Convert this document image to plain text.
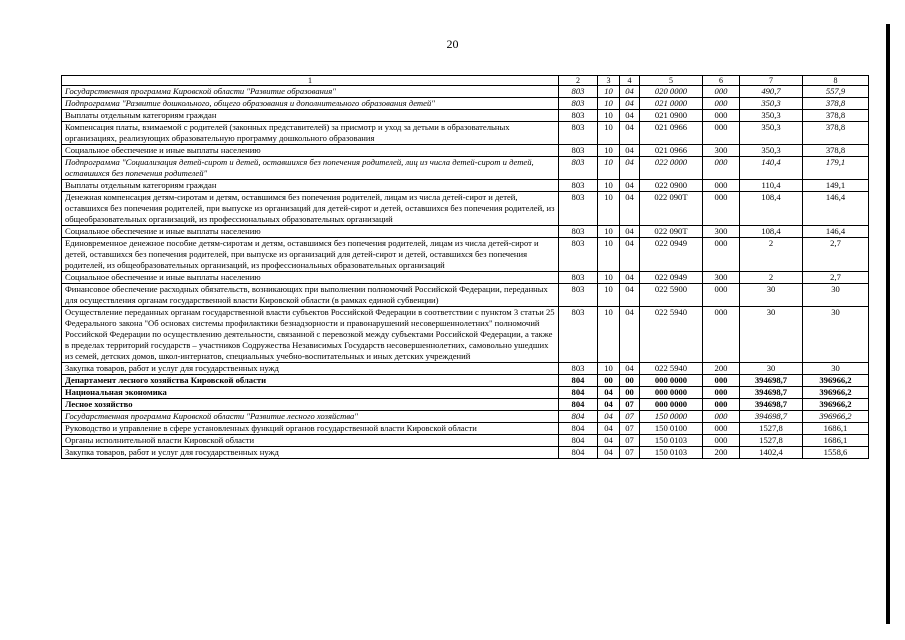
20
1	2	3	4	5	6	7	8
Государственная программа Кировской области "Развитие образования"	803	10	04	020 0000	000	490,7	557,9
Подпрограмма "Развитие дошкольного, общего образования и дополнительного образования детей"	803	10	04	021 0000	000	350,3	378,8
Выплаты отдельным категориям граждан	803	10	04	021 0900	000	350,3	378,8
Компенсация платы, взимаемой с родителей (законных представителей) за присмотр и уход за детьми в образовательных организациях, реализующих образовательную программу дошкольного образования	803	10	04	021 0966	000	350,3	378,8
Социальное обеспечение и иные выплаты населению	803	10	04	021 0966	300	350,3	378,8
Подпрограмма "Социализация детей-сирот и детей, оставшихся без попечения родителей, лиц из числа детей-сирот и детей, оставшихся без попечения родителей"	803	10	04	022 0000	000	140,4	179,1
Выплаты отдельным категориям граждан	803	10	04	022 0900	000	110,4	149,1
Денежная компенсация детям-сиротам и детям, оставшимся без попечения родителей, лицам из числа детей-сирот и детей, оставшихся без попечения родителей, при выпуске из организаций для детей-сирот и детей, оставшихся без попечения родителей, из общеобразовательных организаций, из профессиональных образовательных организаций	803	10	04	022 090Т	000	108,4	146,4
Социальное обеспечение и иные выплаты населению	803	10	04	022 090Т	300	108,4	146,4
Единовременное денежное пособие детям-сиротам и детям, оставшимся без попечения родителей, лицам из числа детей-сирот и детей, оставшихся без попечения родителей, при выпуске из организаций для детей-сирот и детей, оставшихся без попечения родителей, из общеобразовательных организаций, из профессиональных образовательных организаций	803	10	04	022 0949	000	2	2,7
Социальное обеспечение и иные выплаты населению	803	10	04	022 0949	300	2	2,7
Финансовое обеспечение расходных обязательств, возникающих при выполнении полномочий Российской Федерации, переданных для осуществления органам государственной власти Кировской области (в рамках единой субвенции)	803	10	04	022 5900	000	30	30
Осуществление переданных органам государственной власти субъектов Российской Федерации в соответствии с пунктом 3 статьи 25 Федерального закона "Об основах системы профилактики безнадзорности и правонарушений несовершеннолетних" полномочий Российской Федерации по осуществлению деятельности, связанной с перевозкой между субъектами Российской Федерации, а также в пределах территорий государств – участников Содружества Независимых Государств несовершеннолетних, самовольно ушедших из семей, детских домов, школ-интернатов, специальных учебно-воспитательных и иных детских учреждений	803	10	04	022 5940	000	30	30
Закупка товаров, работ и услуг для государственных нужд	803	10	04	022 5940	200	30	30
Департамент лесного хозяйства Кировской области	804	00	00	000 0000	000	394698,7	396966,2
Национальная экономика	804	04	00	000 0000	000	394698,7	396966,2
Лесное хозяйство	804	04	07	000 0000	000	394698,7	396966,2
Государственная программа Кировской области "Развитие лесного хозяйства"	804	04	07	150 0000	000	394698,7	396966,2
Руководство и управление в сфере установленных функций органов государственной власти Кировской области	804	04	07	150 0100	000	1527,8	1686,1
Органы исполнительной власти Кировской области	804	04	07	150 0103	000	1527,8	1686,1
Закупка товаров, работ и услуг для государственных нужд	804	04	07	150 0103	200	1402,4	1558,6
